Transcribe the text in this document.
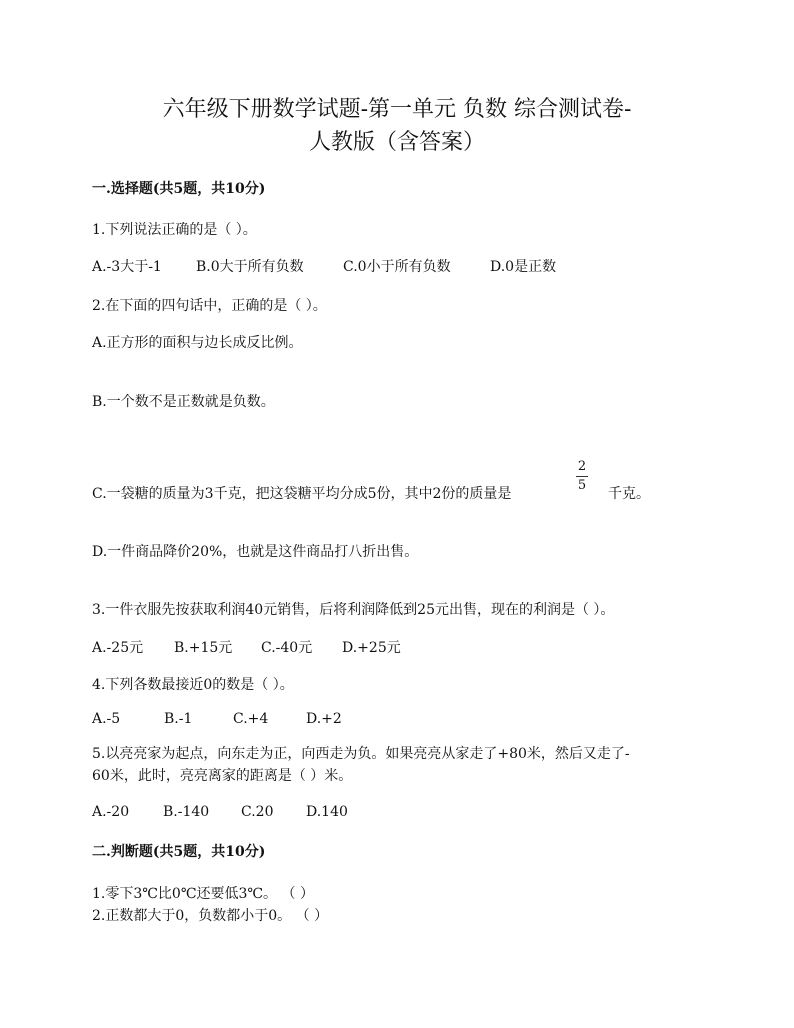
六年级下册数学试题-第一单元 负数 综合测试卷-
人教版（含答案）
一.选择题(共5题，共10分)
1.下列说法正确的是（ ）。
A.-3大于-1 B.0大于所有负数	C.0小于所有负数	D.0是正数
2.在下面的四句话中，正确的是（ ）。
A.正方形的面积与边长成反比例。
B.一个数不是正数就是负数。
2
5
C.一袋糖的质量为3千克，把这袋糖平均分成5份，其中2份的质量是	千克。
D.一件商品降价20%，也就是这件商品打八折出售。
3.一件衣服先按获取利润40元销售，后将利润降低到25元出售，现在的利润是（ ）。
A.-25元 B.+15元 C.-40元 D.+25元
4.下列各数最接近0的数是（ ）。
A.-5	B.-1	C.+4	D.+2
5.以亮亮家为起点，向东走为正，向西走为负。如果亮亮从家走了+80米，然后又走了-
60米，此时，亮亮离家的距离是（ ）米。
A.-20 B.-140 C.20 D.140
二.判断题(共5题，共10分)
1.零下3℃比0℃还要低3℃。 （ ）
2.正数都大于0，负数都小于0。 （ ）
